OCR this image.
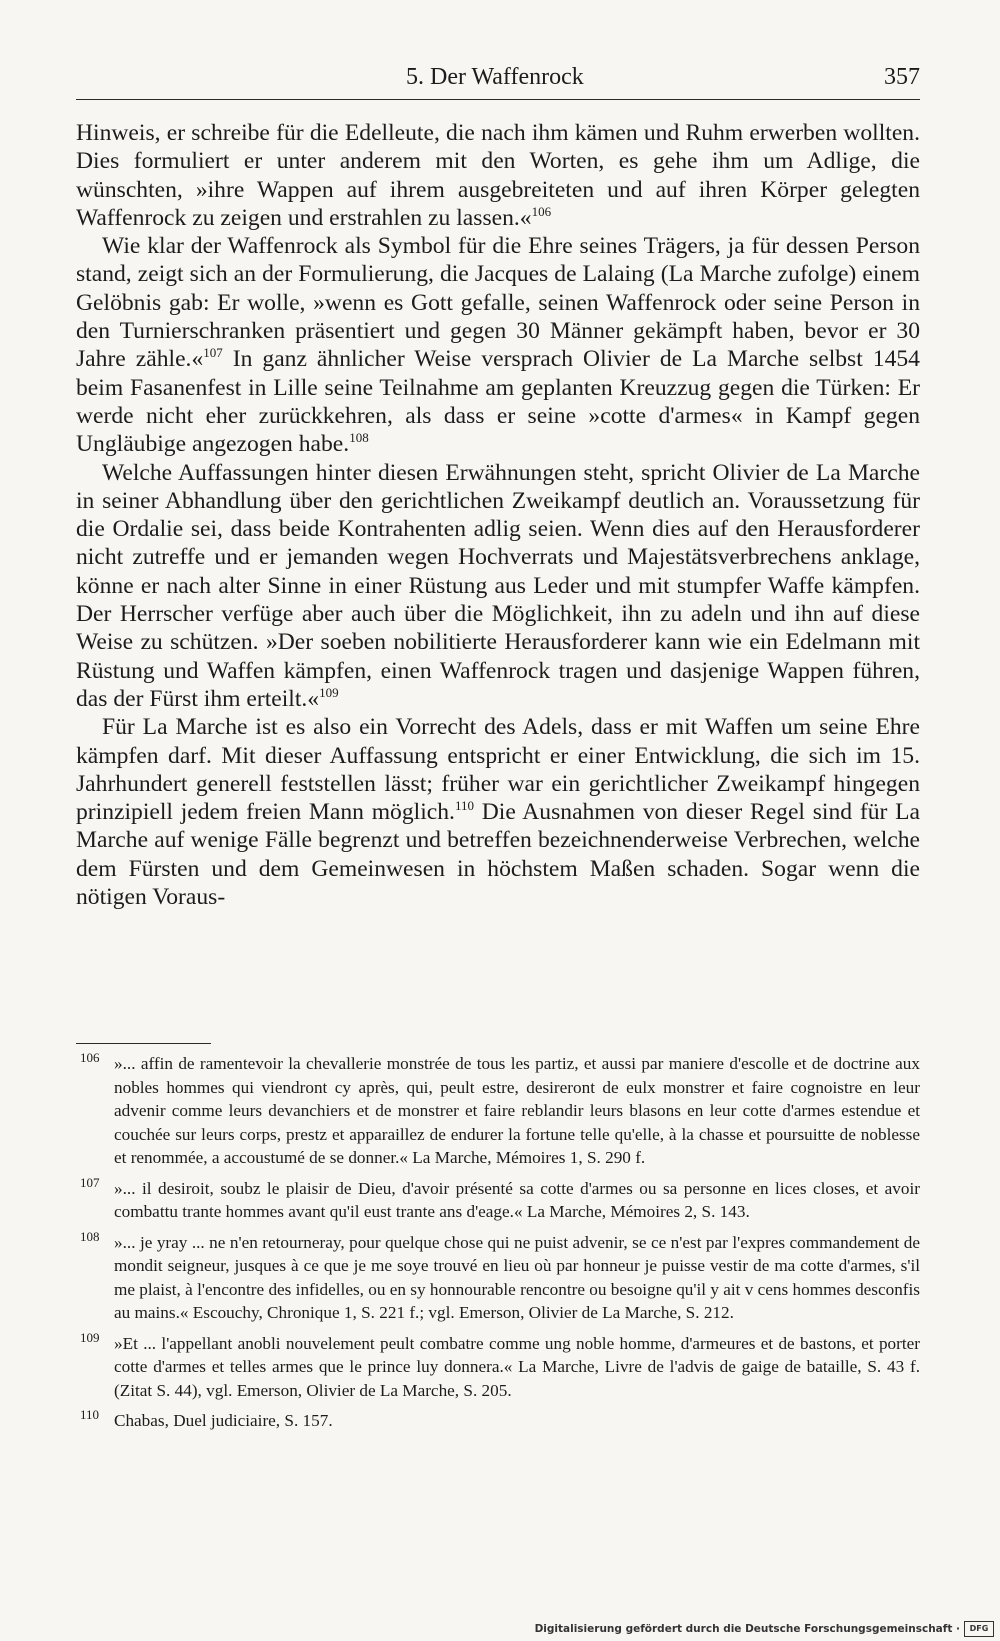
5. Der Waffenrock	357

Hinweis, er schreibe für die Edelleute, die nach ihm kämen und Ruhm erwerben wollten. Dies formuliert er unter anderem mit den Worten, es gehe ihm um Adlige, die wünschten, »ihre Wappen auf ihrem ausgebreiteten und auf ihren Körper gelegten Waffenrock zu zeigen und erstrahlen zu lassen.«$^{106}$

Wie klar der Waffenrock als Symbol für die Ehre seines Trägers, ja für dessen Person stand, zeigt sich an der Formulierung, die Jacques de Lalaing (La Marche zufolge) einem Gelöbnis gab: Er wolle, »wenn es Gott gefalle, seinen Waffenrock oder seine Person in den Turnierschranken präsentiert und gegen 30 Männer gekämpft haben, bevor er 30 Jahre zähle.«$^{107}$ In ganz ähnlicher Weise versprach Olivier de La Marche selbst 1454 beim Fasanenfest in Lille seine Teilnahme am geplanten Kreuzzug gegen die Türken: Er werde nicht eher zurückkehren, als dass er seine »cotte d'armes« in Kampf gegen Ungläubige angezogen habe.$^{108}$

Welche Auffassungen hinter diesen Erwähnungen steht, spricht Olivier de La Marche in seiner Abhandlung über den gerichtlichen Zweikampf deutlich an. Voraussetzung für die Ordalie sei, dass beide Kontrahenten adlig seien. Wenn dies auf den Herausforderer nicht zutreffe und er jemanden wegen Hochverrats und Majestätsverbrechens anklage, könne er nach alter Sinne in einer Rüstung aus Leder und mit stumpfer Waffe kämpfen. Der Herrscher verfüge aber auch über die Möglichkeit, ihn zu adeln und ihn auf diese Weise zu schützen. »Der soeben nobilitierte Herausforderer kann wie ein Edelmann mit Rüstung und Waffen kämpfen, einen Waffenrock tragen und dasjenige Wappen führen, das der Fürst ihm erteilt.«$^{109}$

Für La Marche ist es also ein Vorrecht des Adels, dass er mit Waffen um seine Ehre kämpfen darf. Mit dieser Auffassung entspricht er einer Entwicklung, die sich im 15. Jahrhundert generell feststellen lässt; früher war ein gerichtlicher Zweikampf hingegen prinzipiell jedem freien Mann möglich.$^{110}$ Die Ausnahmen von dieser Regel sind für La Marche auf wenige Fälle begrenzt und betreffen bezeichnenderweise Verbrechen, welche dem Fürsten und dem Gemeinwesen in höchstem Maßen schaden. Sogar wenn die nötigen Voraus-

106 »... affin de ramentevoir la chevallerie monstrée de tous les partiz, et aussi par maniere d'escolle et de doctrine aux nobles hommes qui viendront cy après, qui, peult estre, desireront de eulx monstrer et faire cognoistre en leur advenir comme leurs devanchiers et de monstrer et faire reblandir leurs blasons en leur cotte d'armes estendue et couchée sur leurs corps, prestz et apparaillez de endurer la fortune telle qu'elle, à la chasse et poursuitte de noblesse et renommée, a accoustumé de se donner.« La Marche, Mémoires 1, S. 290 f.
107 »... il desiroit, soubz le plaisir de Dieu, d'avoir présenté sa cotte d'armes ou sa personne en lices closes, et avoir combattu trante hommes avant qu'il eust trante ans d'eage.« La Marche, Mémoires 2, S. 143.
108 »... je yray ... ne n'en retourneray, pour quelque chose qui ne puist advenir, se ce n'est par l'expres commandement de mondit seigneur, jusques à ce que je me soye trouvé en lieu où par honneur je puisse vestir de ma cotte d'armes, s'il me plaist, à l'encontre des infidelles, ou en sy honnourable rencontre ou besoigne qu'il y ait v cens hommes desconfis au mains.« Escouchy, Chronique 1, S. 221 f.; vgl. Emerson, Olivier de La Marche, S. 212.
109 »Et ... l'appellant anobli nouvelement peult combatre comme ung noble homme, d'armeures et de bastons, et porter cotte d'armes et telles armes que le prince luy donnera.« La Marche, Livre de l'advis de gaige de bataille, S. 43 f. (Zitat S. 44), vgl. Emerson, Olivier de La Marche, S. 205.
110 Chabas, Duel judiciaire, S. 157.
Digitalisierung gefördert durch die Deutsche Forschungsgemeinschaft ·	DFG
